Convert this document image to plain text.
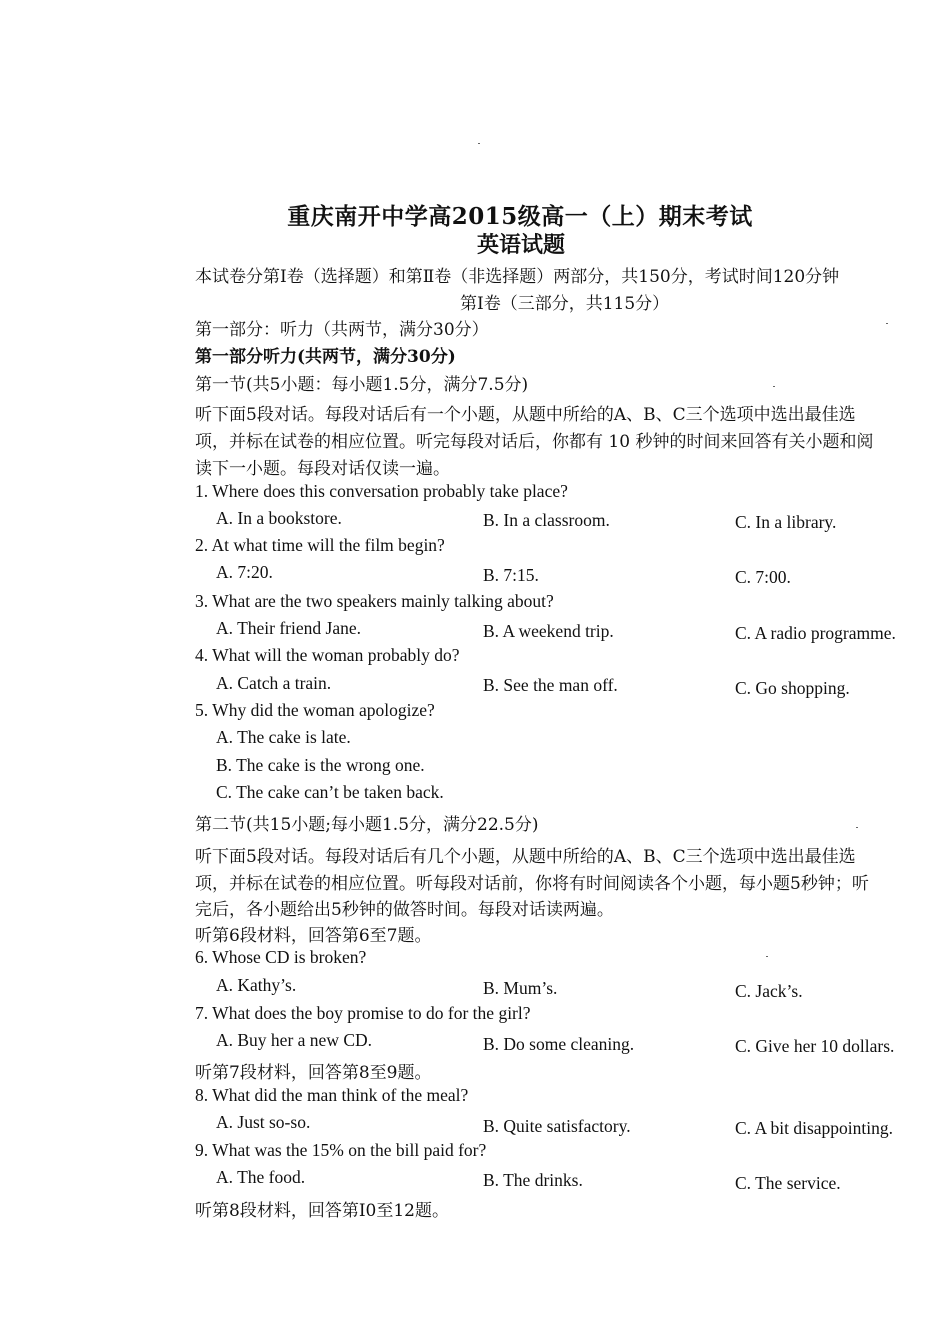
重庆南开中学高2015级高一（上）期末考试
英语试题
本试卷分第Ⅰ卷（选择题）和第Ⅱ卷（非选择题）两部分，共150分，考试时间120分钟
第Ⅰ卷（三部分，共115分）
第一部分：听力（共两节，满分30分）
第一部分听力(共两节，满分30分)
第一节(共5小题：每小题1.5分，满分7.5分)
听下面5段对话。每段对话后有一个小题，从题中所给的A、B、C三个选项中选出最佳选
项，并标在试卷的相应位置。听完每段对话后，你都有 10 秒钟的时间来回答有关小题和阅
读下一小题。每段对话仅读一遍。
1. Where does this conversation probably take place?
A. In a bookstore.	B. In a classroom.	C. In a library.
2. At what time will the film begin?
A. 7:20.	B. 7:15.	C. 7:00.
3. What are the two speakers mainly talking about?
A. Their friend Jane.	B. A weekend trip.	C. A radio programme.
4. What will the woman probably do?
A. Catch a train.	B. See the man off.	C. Go shopping.
5. Why did the woman apologize?
A. The cake is late.
B. The cake is the wrong one.
C. The cake can’t be taken back.
第二节(共15小题;每小题1.5分，满分22.5分)
听下面5段对话。每段对话后有几个小题，从题中所给的A、B、C三个选项中选出最佳选
项，并标在试卷的相应位置。听每段对话前，你将有时间阅读各个小题，每小题5秒钟；听
完后，各小题给出5秒钟的做答时间。每段对话读两遍。
听第6段材料，回答第6至7题。
6. Whose CD is broken?
A. Kathy’s.	B. Mum’s.	C. Jack’s.
7. What does the boy promise to do for the girl?
A. Buy her a new CD.	B. Do some cleaning.	C. Give her 10 dollars.
听第7段材料，回答第8至9题。
8. What did the man think of the meal?
A. Just so-so.	B. Quite satisfactory.	C. A bit disappointing.
9. What was the 15% on the bill paid for?
A. The food.	B. The drinks.	C. The service.
听第8段材料，回答第I0至12题。
